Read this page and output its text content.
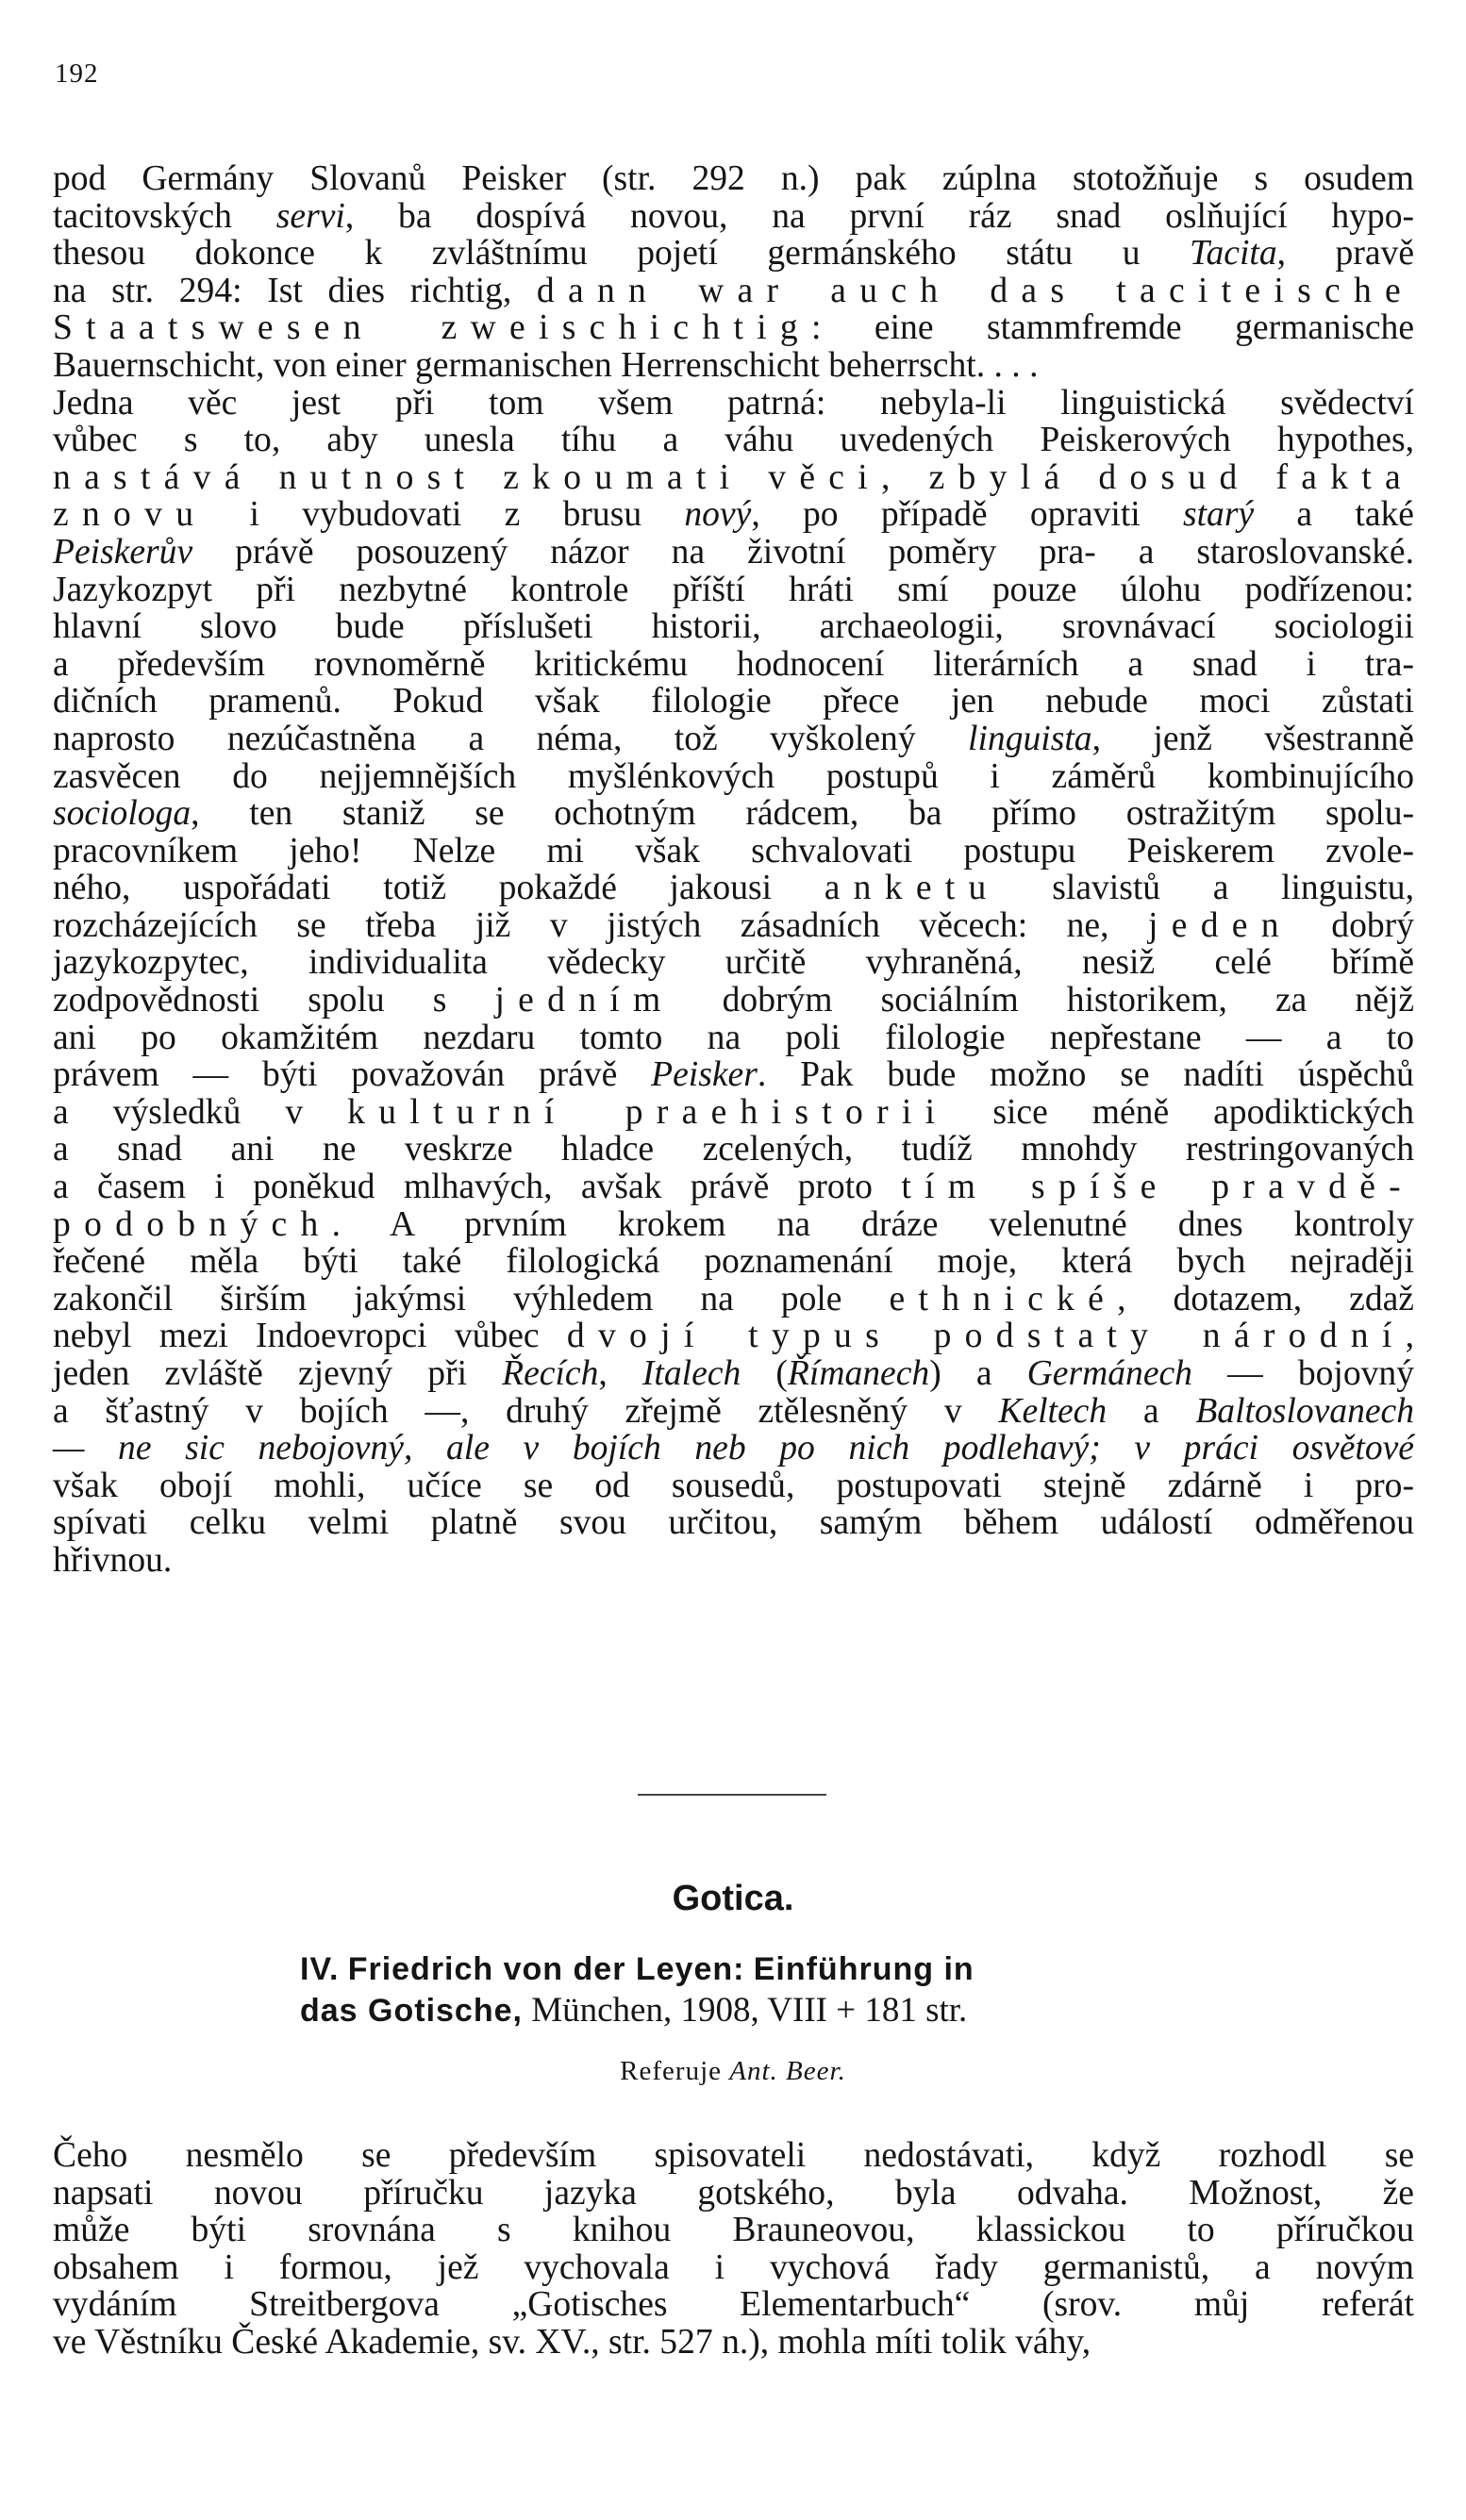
192
pod Germány Slovanů Peisker (str. 292 n.) pak zúplna stotožňuje s osudem
tacitovských servi, ba dospívá novou, na první ráz snad oslňující hypo-
thesou dokonce k zvláštnímu pojetí germánského státu u Tacita, pravě
na str. 294: Ist dies richtig, dann war auch das taciteische
Staatswesen zweischichtig: eine stammfremde germanische
Bauernschicht, von einer germanischen Herrenschicht beherrscht. . . .
Jedna věc jest při tom všem patrná: nebyla-li linguistická svědectví
vůbec s to, aby unesla tíhu a váhu uvedených Peiskerových hypothes,
nastává nutnost zkoumati věci, zbylá dosud fakta
znovu i vybudovati z brusu nový, po případě opraviti starý a také
Peiskerův právě posouzený názor na životní poměry pra- a staroslovanské.
Jazykozpyt při nezbytné kontrole příští hráti smí pouze úlohu podřízenou:
hlavní slovo bude příslušeti historii, archaeologii, srovnávací sociologii
a především rovnoměrně kritickému hodnocení literárních a snad i tra-
dičních pramenů. Pokud však filologie přece jen nebude moci zůstati
naprosto nezúčastněna a néma, tož vyškolený linguista, jenž všestranně
zasvěcen do nejjemnějších myšlénkových postupů i záměrů kombinujícího
sociologa, ten staniž se ochotným rádcem, ba přímo ostražitým spolu-
pracovníkem jeho! Nelze mi však schvalovati postupu Peiskerem zvole-
ného, uspořádati totiž pokaždé jakousi anketu slavistů a linguistu,
rozcházejících se třeba již v jistých zásadních věcech: ne, jeden dobrý
jazykozpytec, individualita vědecky určitě vyhraněná, nesiž celé břímě
zodpovědnosti spolu s jedním dobrým sociálním historikem, za nějž
ani po okamžitém nezdaru tomto na poli filologie nepřestane — a to
právem — býti považován právě Peisker. Pak bude možno se nadíti úspěchů
a výsledků v kulturní praehistorii sice méně apodiktických
a snad ani ne veskrze hladce zcelených, tudíž mnohdy restringovaných
a časem i poněkud mlhavých, avšak právě proto tím spíše pravdě-
podobných. A prvním krokem na dráze velenutné dnes kontroly
řečené měla býti také filologická poznamenání moje, která bych nejraději
zakončil širším jakýmsi výhledem na pole ethnické, dotazem, zdaž
nebyl mezi Indoevropci vůbec dvojí typus podstaty národní,
jeden zvláště zjevný při Řecích, Italech (Římanech) a Germánech — bojovný
a šťastný v bojích —, druhý zřejmě ztělesněný v Keltech a Baltoslovanech
— ne sic nebojovný, ale v bojích neb po nich podlehavý; v práci osvětové
však obojí mohli, učíce se od sousedů, postupovati stejně zdárně i pro-
spívati celku velmi platně svou určitou, samým během událostí odměřenou
hřivnou.
Gotica.
IV. Friedrich von der Leyen: Einführung in
das Gotische, München, 1908, VIII + 181 str.
Referuje Ant. Beer.
Čeho nesmělo se především spisovateli nedostávati, když rozhodl se
napsati novou příručku jazyka gotského, byla odvaha. Možnost, že
může býti srovnána s knihou Brauneovou, klassickou to příručkou
obsahem i formou, jež vychovala i vychová řady germanistů, a novým
vydáním Streitbergova „Gotisches Elementarbuch“ (srov. můj referát
ve Věstníku České Akademie, sv. XV., str. 527 n.), mohla míti tolik váhy,
